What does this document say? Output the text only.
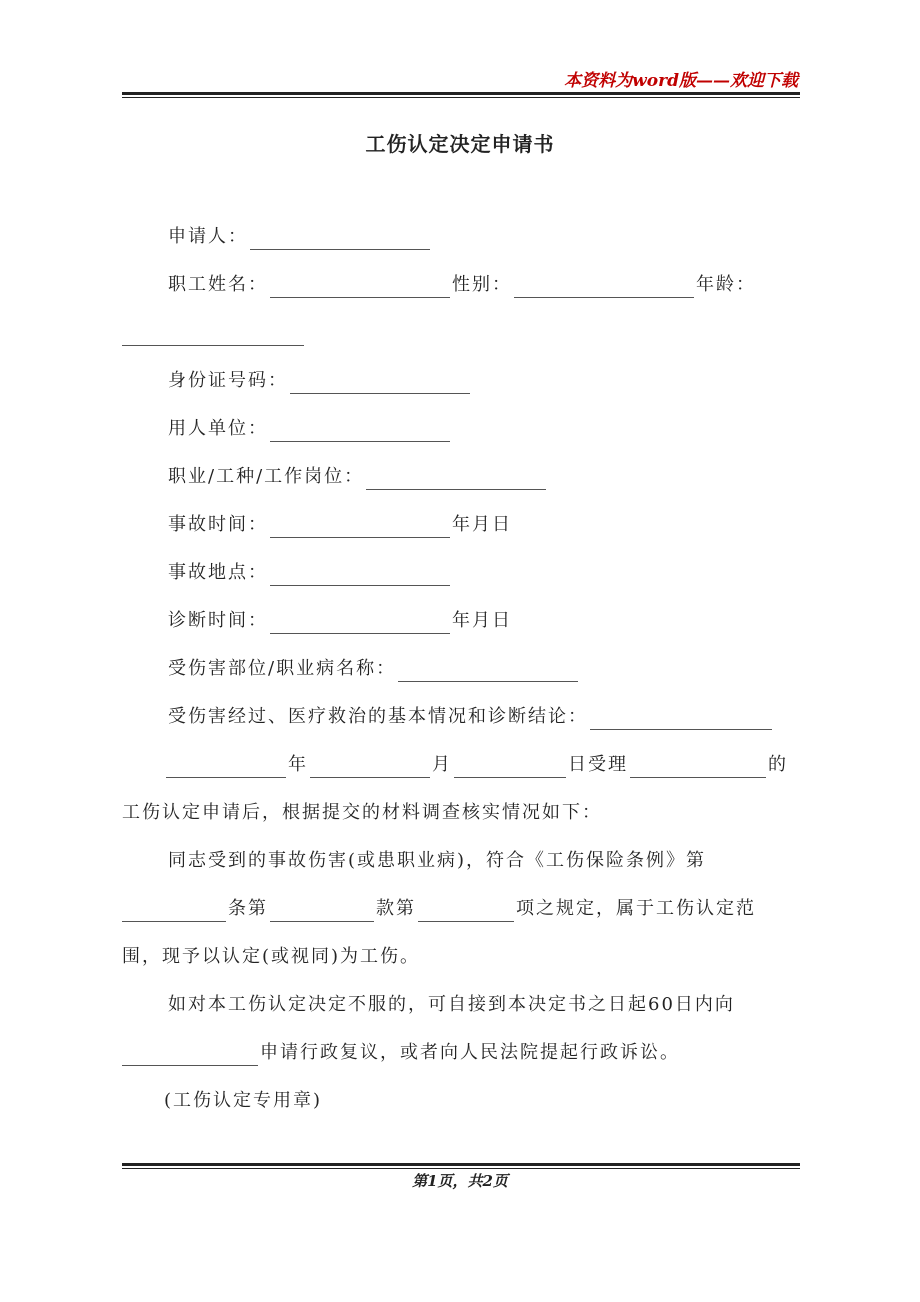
本资料为word版——欢迎下载
工伤认定决定申请书
申请人：
职工姓名：	性别：	年龄：
身份证号码：
用人单位：
职业/工种/工作岗位：
事故时间：	年月日
事故地点：
诊断时间：	年月日
受伤害部位/职业病名称：
受伤害经过、医疗救治的基本情况和诊断结论：
年	月	日受理	的
工伤认定申请后，根据提交的材料调查核实情况如下：
同志受到的事故伤害(或患职业病)，符合《工伤保险条例》第
条第	款第	项之规定，属于工伤认定范
围，现予以认定(或视同)为工伤。
如对本工伤认定决定不服的，可自接到本决定书之日起60日内向
申请行政复议，或者向人民法院提起行政诉讼。
(工伤认定专用章)
第1页，共2页
